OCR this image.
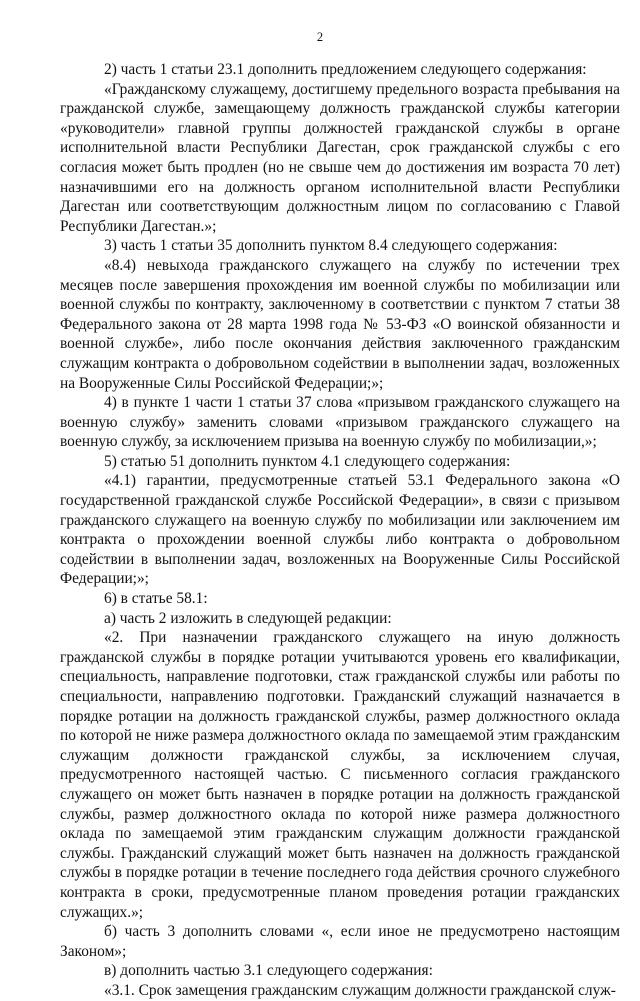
2

2) часть 1 статьи 23.1 дополнить предложением следующего содержания:

«Гражданскому служащему, достигшему предельного возраста пребывания на гражданской службе, замещающему должность гражданской службы категории «руководители» главной группы должностей гражданской службы в органе исполнительной власти Республики Дагестан, срок гражданской службы с его согласия может быть продлен (но не свыше чем до достижения им возраста 70 лет) назначившими его на должность органом исполнительной власти Республики Дагестан или соответствующим должностным лицом по согласованию с Главой Республики Дагестан.»;

3) часть 1 статьи 35 дополнить пунктом 8.4 следующего содержания:

«8.4) невыхода гражданского служащего на службу по истечении трех месяцев после завершения прохождения им военной службы по мобилизации или военной службы по контракту, заключенному в соответствии с пунктом 7 статьи 38 Федерального закона от 28 марта 1998 года № 53-ФЗ «О воинской обязанности и военной службе», либо после окончания действия заключенного гражданским служащим контракта о добровольном содействии в выполнении задач, возложенных на Вооруженные Силы Российской Федерации;»;

4) в пункте 1 части 1 статьи 37 слова «призывом гражданского служащего на военную службу» заменить словами «призывом гражданского служащего на военную службу, за исключением призыва на военную службу по мобилизации,»;

5) статью 51 дополнить пунктом 4.1 следующего содержания:

«4.1) гарантии, предусмотренные статьей 53.1 Федерального закона «О государственной гражданской службе Российской Федерации», в связи с призывом гражданского служащего на военную службу по мобилизации или заключением им контракта о прохождении военной службы либо контракта о добровольном содействии в выполнении задач, возложенных на Вооруженные Силы Российской Федерации;»;

6) в статье 58.1:

а) часть 2 изложить в следующей редакции:

«2. При назначении гражданского служащего на иную должность гражданской службы в порядке ротации учитываются уровень его квалификации, специальность, направление подготовки, стаж гражданской службы или работы по специальности, направлению подготовки. Гражданский служащий назначается в порядке ротации на должность гражданской службы, размер должностного оклада по которой не ниже размера должностного оклада по замещаемой этим гражданским служащим должности гражданской службы, за исключением случая, предусмотренного настоящей частью. С письменного согласия гражданского служащего он может быть назначен в порядке ротации на должность гражданской службы, размер должностного оклада по которой ниже размера должностного оклада по замещаемой этим гражданским служащим должности гражданской службы. Гражданский служащий может быть назначен на должность гражданской службы в порядке ротации в течение последнего года действия срочного служебного контракта в сроки, предусмотренные планом проведения ротации гражданских служащих.»;

б) часть 3 дополнить словами «, если иное не предусмотрено настоящим Законом»;

в) дополнить частью 3.1 следующего содержания:

«3.1. Срок замещения гражданским служащим должности гражданской служ-
